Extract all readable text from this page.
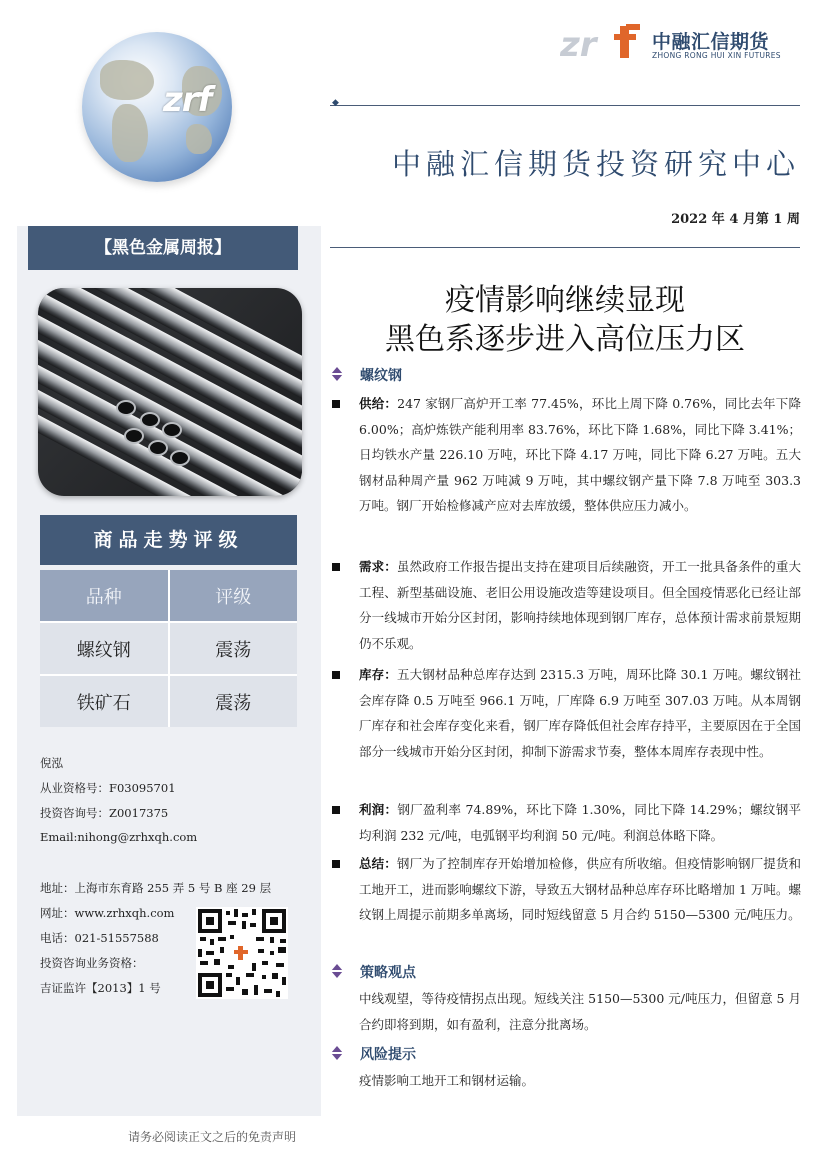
zrf
zr	中融汇信期货
ZHONG RONG HUI XIN FUTURES
◆
中融汇信期货投资研究中心
2022 年 4 月第 1 周
【黑色金属周报】
商品走势评级
品种	评级
螺纹钢	震荡
铁矿石	震荡
倪泓
从业资格号：F03095701
投资咨询号：Z0017375
Email:nihong@zrhxqh.com
地址：上海市东育路 255 弄 5 号 B 座 29 层
网址：www.zrhxqh.com
电话：021-51557588
投资咨询业务资格：
吉证监许【2013】1 号
疫情影响继续显现
黑色系逐步进入高位压力区
螺纹钢
供给：247 家钢厂高炉开工率 77.45%，环比上周下降 0.76%，同比去年下降 6.00%；高炉炼铁产能利用率 83.76%，环比下降 1.68%，同比下降 3.41%；日均铁水产量 226.10 万吨，环比下降 4.17 万吨，同比下降 6.27 万吨。五大钢材品种周产量 962 万吨减 9 万吨，其中螺纹钢产量下降 7.8 万吨至 303.3 万吨。钢厂开始检修减产应对去库放缓，整体供应压力减小。
需求：虽然政府工作报告提出支持在建项目后续融资，开工一批具备条件的重大工程、新型基础设施、老旧公用设施改造等建设项目。但全国疫情恶化已经让部分一线城市开始分区封闭，影响持续地体现到钢厂库存，总体预计需求前景短期仍不乐观。
库存：五大钢材品种总库存达到 2315.3 万吨，周环比降 30.1 万吨。螺纹钢社会库存降 0.5 万吨至 966.1 万吨，厂库降 6.9 万吨至 307.03 万吨。从本周钢厂库存和社会库存变化来看，钢厂库存降低但社会库存持平，主要原因在于全国部分一线城市开始分区封闭，抑制下游需求节奏，整体本周库存表现中性。
利润：钢厂盈利率 74.89%，环比下降 1.30%，同比下降 14.29%；螺纹钢平均利润 232 元/吨，电弧钢平均利润 50 元/吨。利润总体略下降。
总结：钢厂为了控制库存开始增加检修，供应有所收缩。但疫情影响钢厂提货和工地开工，进而影响螺纹下游，导致五大钢材品种总库存环比略增加 1 万吨。螺纹钢上周提示前期多单离场，同时短线留意 5 月合约 5150—5300 元/吨压力。
策略观点
中线观望，等待疫情拐点出现。短线关注 5150—5300 元/吨压力，但留意 5 月合约即将到期，如有盈利，注意分批离场。
风险提示
疫情影响工地开工和钢材运输。
请务必阅读正文之后的免责声明
